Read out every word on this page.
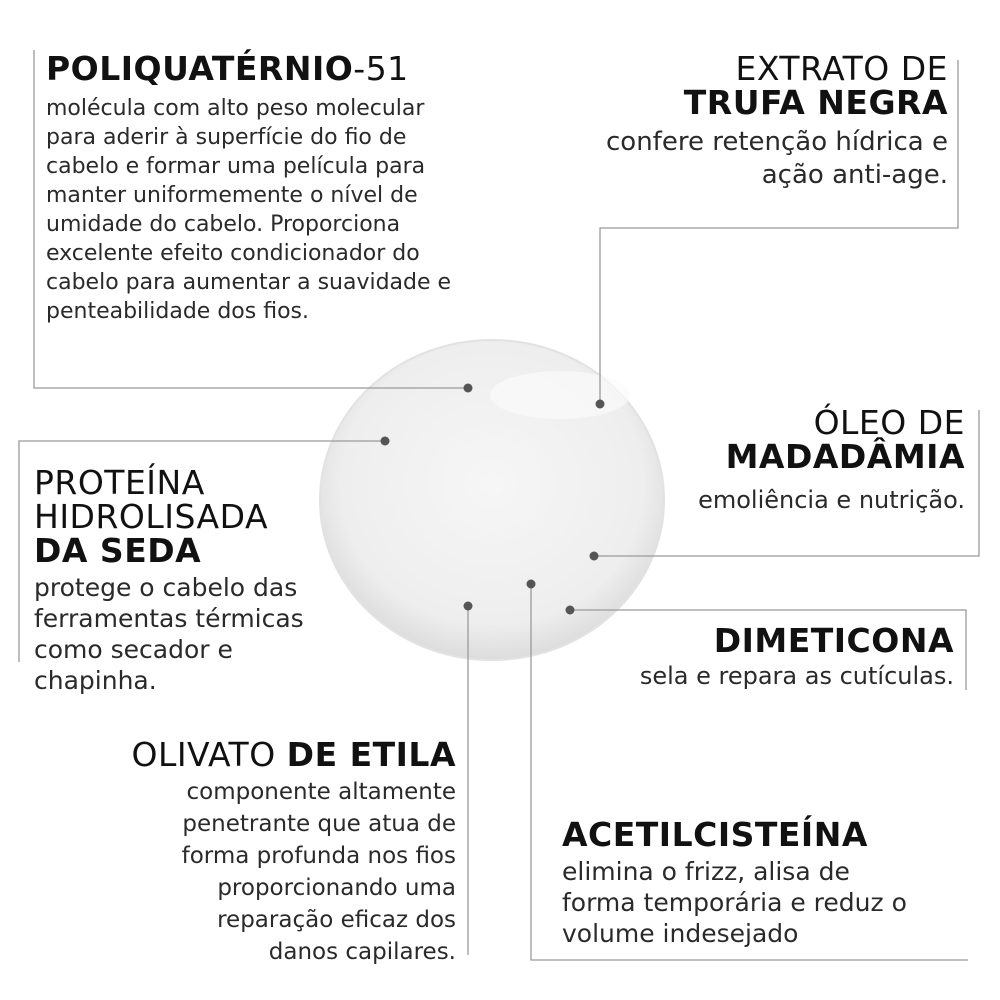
POLIQUATÉRNIO-51
molécula com alto peso molecular para aderir à superfície do fio de cabelo e formar uma película para manter uniformemente o nível de umidade do cabelo. Proporciona excelente efeito condicionador do cabelo para aumentar a suavidade e penteabilidade dos fios.
EXTRATO DE
TRUFA NEGRA
confere retenção hídrica e ação anti-age.
PROTEÍNA
HIDROLISADA
DA SEDA
protege o cabelo das ferramentas térmicas como secador e chapinha.
ÓLEO DE
MADADÂMIA
emoliência e nutrição.
DIMETICONA
sela e repara as cutículas.
OLIVATO DE ETILA
componente altamente penetrante que atua de forma profunda nos fios proporcionando uma reparação eficaz dos danos capilares.
ACETILCISTEÍNA
elimina o frizz, alisa de forma temporária e reduz o volume indesejado
